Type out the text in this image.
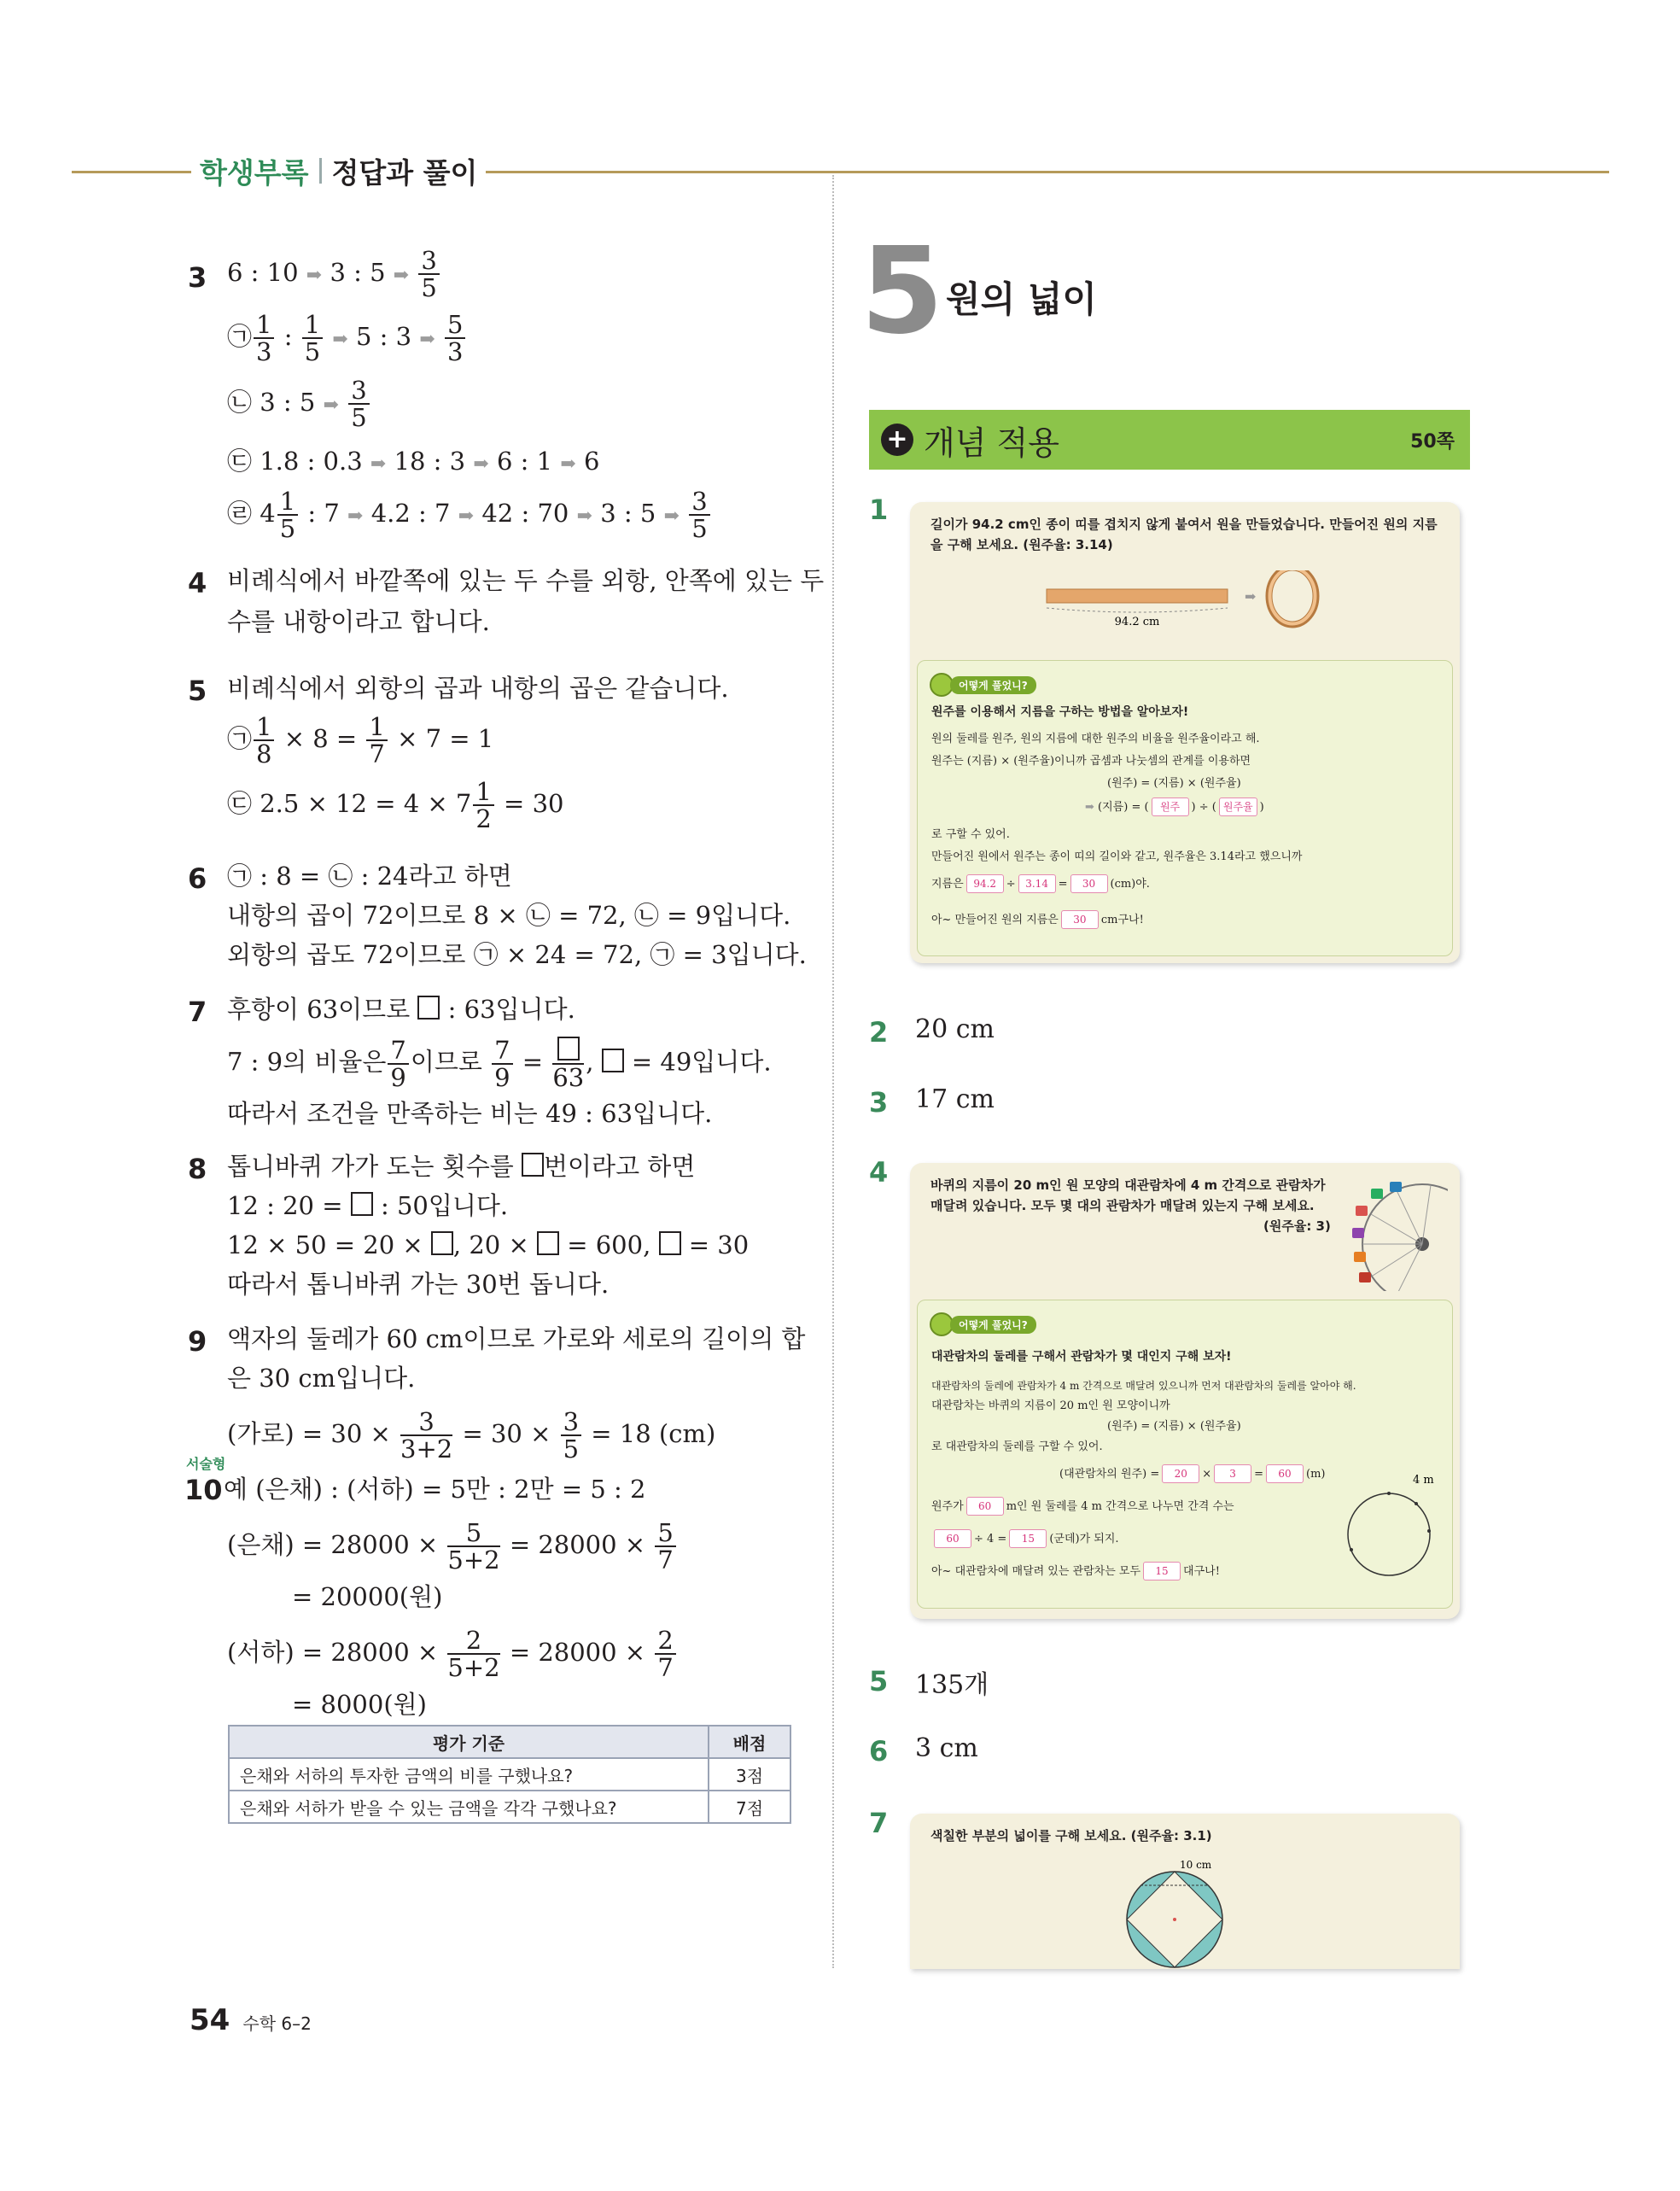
학생부록 정답과 풀이
3 6 : 10 ➡ 3 : 5 ➡ $\frac{3}{5}$
㉠ $\frac{1}{3}$ : $\frac{1}{5}$ ➡ 5 : 3 ➡ $\frac{5}{3}$
㉡ 3 : 5 ➡ $\frac{3}{5}$
㉢ 1.8 : 0.3 ➡ 18 : 3 ➡ 6 : 1 ➡ 6
㉣ $4 \frac{1}{5}$ : 7 ➡ 4.2 : 7 ➡ 42 : 70 ➡ 3 : 5 ➡ $\frac{3}{5}$
4 비례식에서 바깥쪽에 있는 두 수를 외항, 안쪽에 있는 두
수를 내항이라고 합니다.
5 비례식에서 외항의 곱과 내항의 곱은 같습니다.
㉠ $\frac{1}{8} \times 8 = \frac{1}{7} \times 7 = 1$
㉢ $2.5 \times 12 = 4 \times 7 \frac{1}{2} = 30$
6 ㉠ : 8 = ㉡ : 24라고 하면
내항의 곱이 72이므로 8 × ㉡ = 72, ㉡ = 9입니다.
외항의 곱도 72이므로 ㉠ × 24 = 72, ㉠ = 3입니다.
7 후항이 63이므로 : 63입니다.
7 : 9의 비율은 $\frac{7}{9}$ 이므로 $\frac{7}{9}$ =
63
, = 49입니다.
따라서 조건을 만족하는 비는 49 : 63입니다.
8 톱니바퀴 가가 도는 횟수를 번이라고 하면
12 : 20 = : 50입니다.
12 × 50 = 20 × , 20 × = 600, = 30
따라서 톱니바퀴 가는 30번 돕니다.
9 액자의 둘레가 60 cm이므로 가로와 세로의 길이의 합
은 30 cm입니다.
(가로) = $30 \times \frac{3}{3+2} = 30 \times \frac{3}{5} = 18$ (cm)
서술형
10 예 (은채) : (서하) = 5만 : 2만 = 5 : 2
(은채) = $28000 \times \frac{5}{5+2} = 28000 \times \frac{5}{7}$
= 20000(원)
(서하) = $28000 \times \frac{2}{5+2} = 28000 \times \frac{2}{7}$
= 8000(원)
평가 기준	배점
은채와 서하의 투자한 금액의 비를 구했나요?	3점
은채와 서하가 받을 수 있는 금액을 각각 구했나요?	7점
5 원의 넓이
+ 개념 적용	50쪽
1	길이가 94.2 cm인 종이 띠를 겹치지 않게 붙여서 원을 만들었습니다. 만들어진 원의 지름
을 구해 보세요. (원주율: 3.14)
94.2 cm
➡
어떻게 풀었니?
원주를 이용해서 지름을 구하는 방법을 알아보자!
원의 둘레를 원주, 원의 지름에 대한 원주의 비율을 원주율이라고 해.
원주는 (지름) × (원주율)이니까 곱셈과 나눗셈의 관계를 이용하면
(원주) = (지름) × (원주율)
➡ (지름) = ( 원주 ) ÷ ( 원주율 )
로 구할 수 있어.
만들어진 원에서 원주는 종이 띠의 길이와 같고, 원주율은 3.14라고 했으니까
지름은 94.2 ÷ 3.14 = 30 (cm)야.
아~ 만들어진 원의 지름은 30 cm구나!
2 20 cm
3 17 cm
4	바퀴의 지름이 20 m인 원 모양의 대관람차에 4 m 간격으로 관람차가
매달려 있습니다. 모두 몇 대의 관람차가 매달려 있는지 구해 보세요.
(원주율: 3)
어떻게 풀었니?
대관람차의 둘레를 구해서 관람차가 몇 대인지 구해 보자!
대관람차의 둘레에 관람차가 4 m 간격으로 매달려 있으니까 먼저 대관람차의 둘레를 알아야 해.
대관람차는 바퀴의 지름이 20 m인 원 모양이니까
(원주) = (지름) × (원주율)
로 대관람차의 둘레를 구할 수 있어.
(대관람차의 원주) = 20 × 3 = 60 (m)
원주가 60 m인 원 둘레를 4 m 간격으로 나누면 간격 수는
60 ÷ 4 = 15 (군데)가 되지.
아~ 대관람차에 매달려 있는 관람차는 모두 15 대구나!
4 m
5 135개
6 3 cm
7	색칠한 부분의 넓이를 구해 보세요. (원주율: 3.1)
10 cm
54 수학 6–2
